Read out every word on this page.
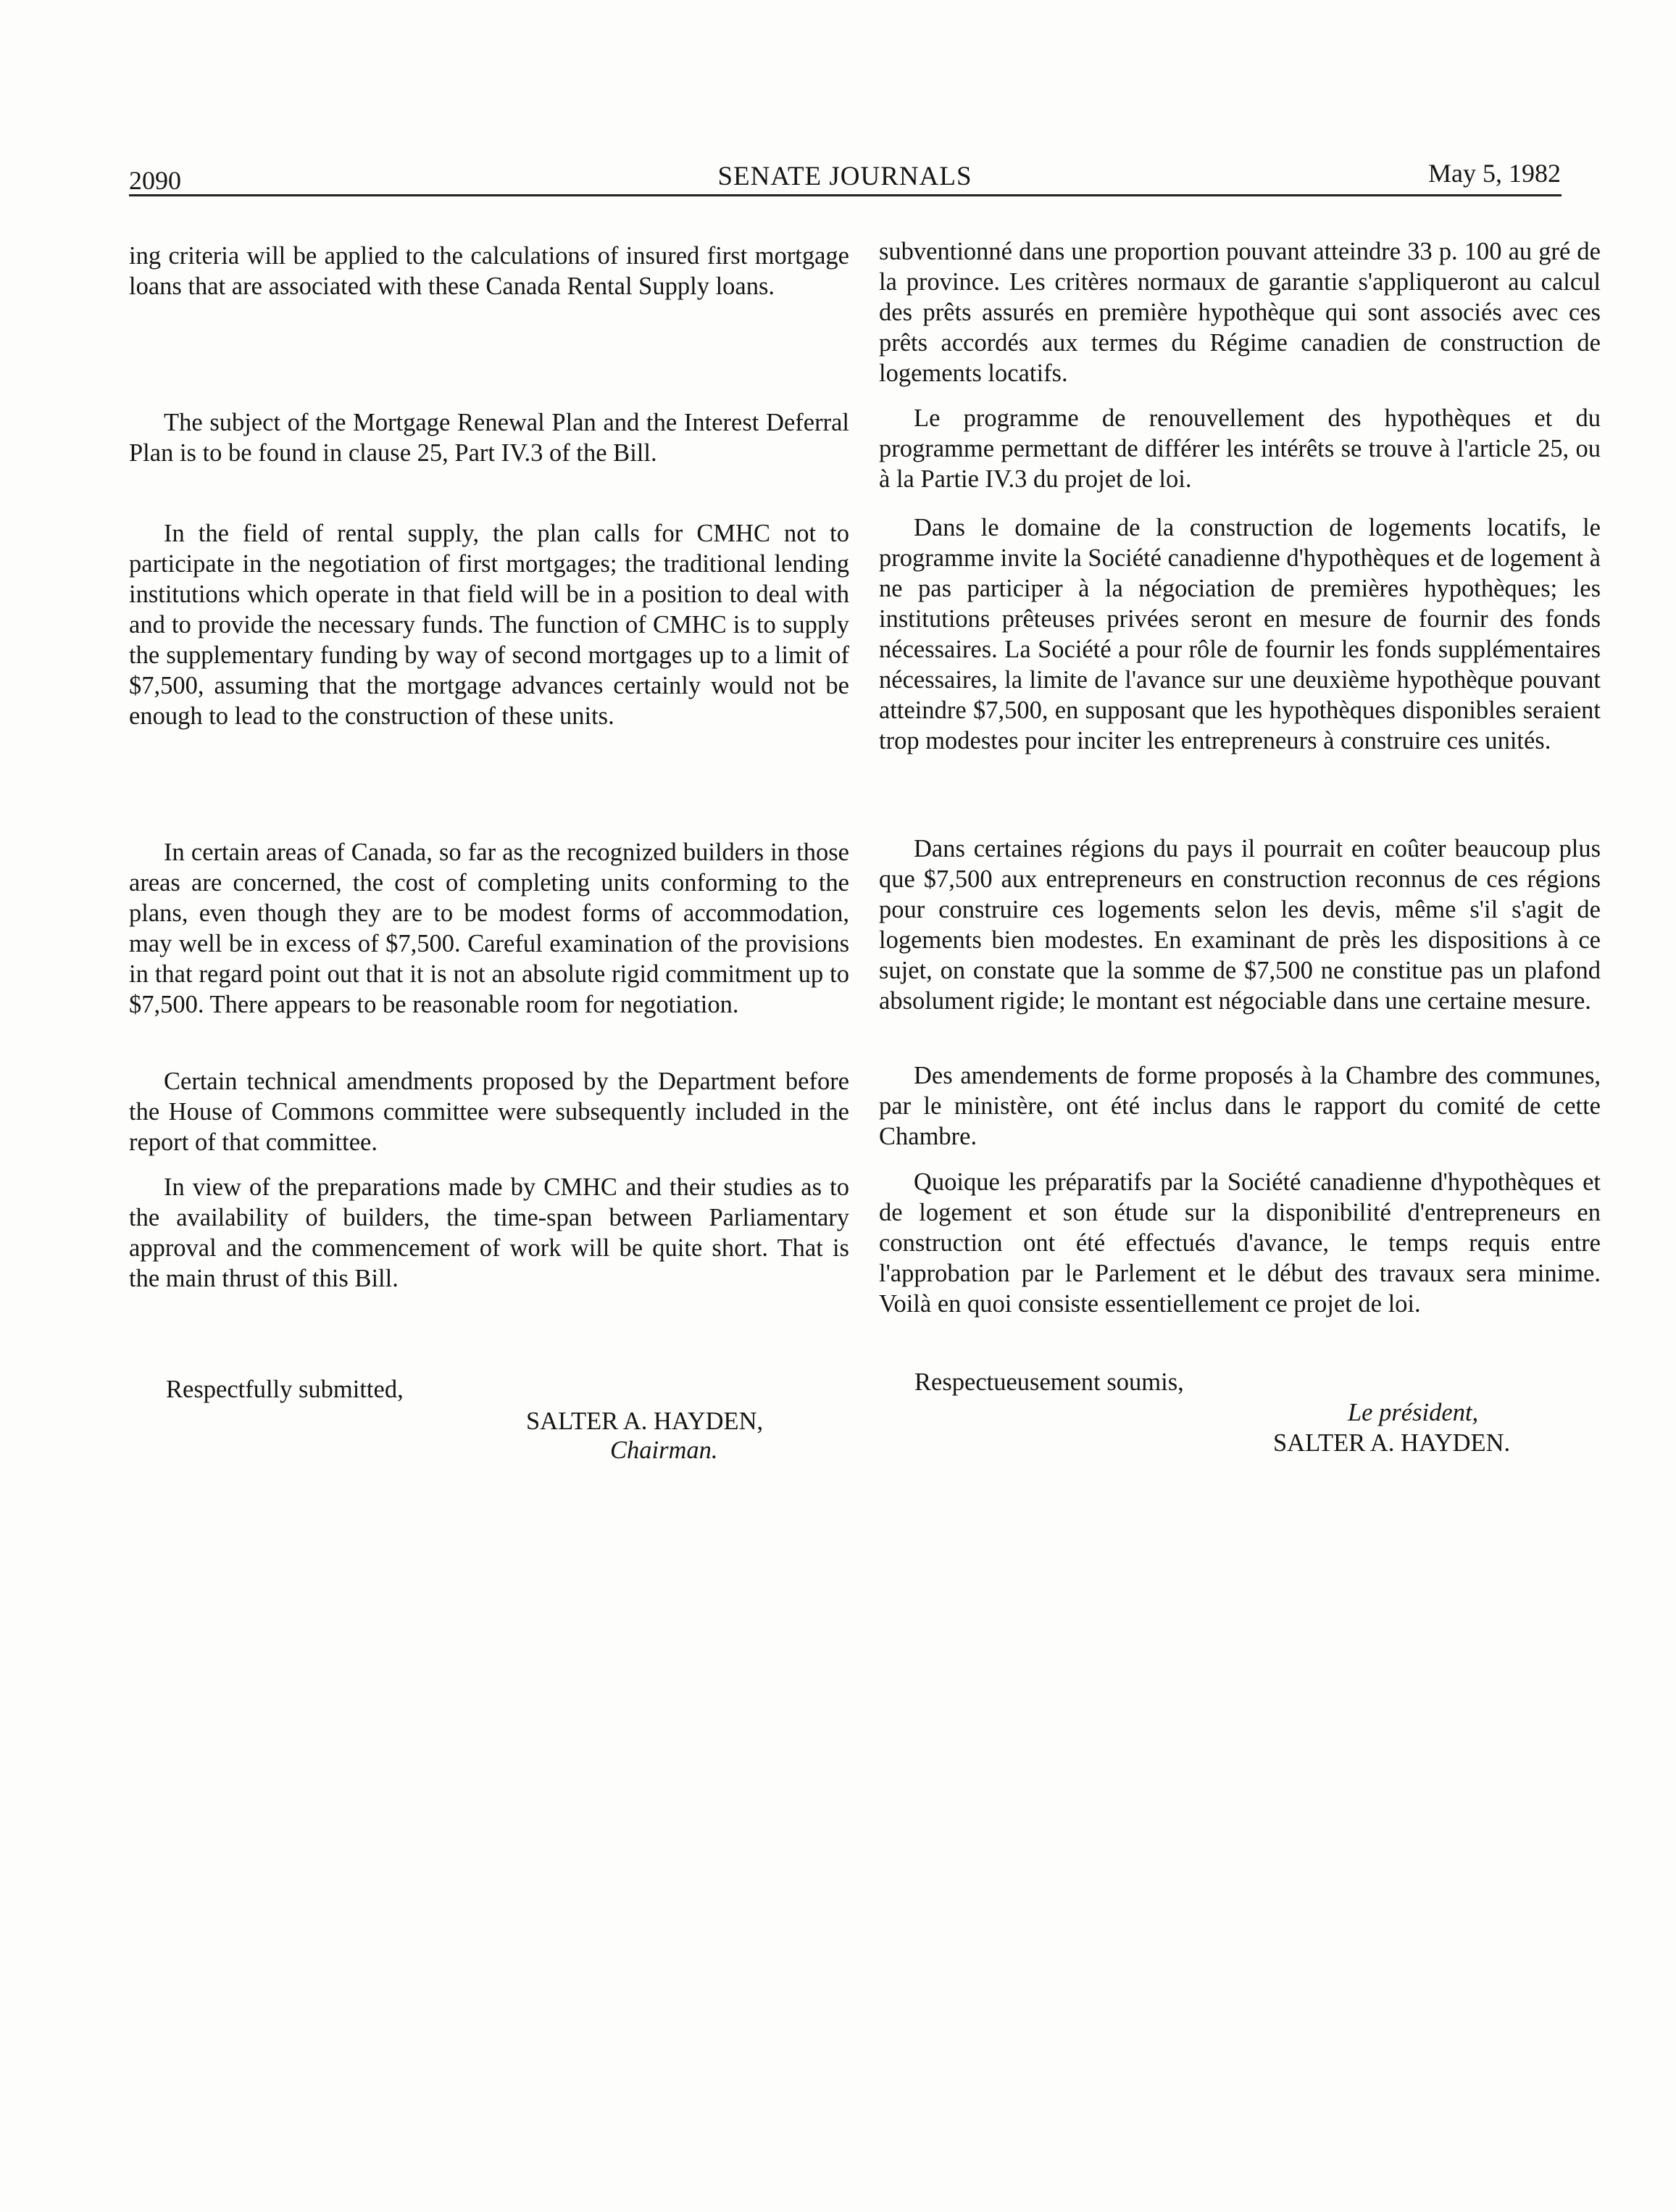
2090	SENATE JOURNALS	May 5, 1982

ing criteria will be applied to the calculations of insured first mortgage loans that are associated with these Canada Rental Supply loans.

The subject of the Mortgage Renewal Plan and the Interest Deferral Plan is to be found in clause 25, Part IV.3 of the Bill.

In the field of rental supply, the plan calls for CMHC not to participate in the negotiation of first mortgages; the traditional lending institutions which operate in that field will be in a position to deal with and to provide the necessary funds. The function of CMHC is to supply the supplementary funding by way of second mortgages up to a limit of $7,500, assuming that the mortgage advances certainly would not be enough to lead to the construction of these units.

In certain areas of Canada, so far as the recognized builders in those areas are concerned, the cost of completing units conforming to the plans, even though they are to be modest forms of accommodation, may well be in excess of $7,500. Careful examination of the provisions in that regard point out that it is not an absolute rigid commitment up to $7,500. There appears to be reasonable room for negotiation.

Certain technical amendments proposed by the Department before the House of Commons committee were subsequently included in the report of that committee.

In view of the preparations made by CMHC and their studies as to the availability of builders, the time-span between Parliamentary approval and the commencement of work will be quite short. That is the main thrust of this Bill.

Respectfully submitted,

SALTER A. HAYDEN,

Chairman.

subventionné dans une proportion pouvant atteindre 33 p. 100 au gré de la province. Les critères normaux de garantie s'appliqueront au calcul des prêts assurés en première hypothèque qui sont associés avec ces prêts accordés aux termes du Régime canadien de construction de logements locatifs.

Le programme de renouvellement des hypothèques et du programme permettant de différer les intérêts se trouve à l'article 25, ou à la Partie IV.3 du projet de loi.

Dans le domaine de la construction de logements locatifs, le programme invite la Société canadienne d'hypothèques et de logement à ne pas participer à la négociation de premières hypothèques; les institutions prêteuses privées seront en mesure de fournir des fonds nécessaires. La Société a pour rôle de fournir les fonds supplémentaires nécessaires, la limite de l'avance sur une deuxième hypothèque pouvant atteindre $7,500, en supposant que les hypothèques disponibles seraient trop modestes pour inciter les entrepreneurs à construire ces unités.

Dans certaines régions du pays il pourrait en coûter beaucoup plus que $7,500 aux entrepreneurs en construction reconnus de ces régions pour construire ces logements selon les devis, même s'il s'agit de logements bien modestes. En examinant de près les dispositions à ce sujet, on constate que la somme de $7,500 ne constitue pas un plafond absolument rigide; le montant est négociable dans une certaine mesure.

Des amendements de forme proposés à la Chambre des communes, par le ministère, ont été inclus dans le rapport du comité de cette Chambre.

Quoique les préparatifs par la Société canadienne d'hypothèques et de logement et son étude sur la disponibilité d'entrepreneurs en construction ont été effectués d'avance, le temps requis entre l'approbation par le Parlement et le début des travaux sera minime. Voilà en quoi consiste essentiellement ce projet de loi.

Respectueusement soumis,

Le président,

SALTER A. HAYDEN.
